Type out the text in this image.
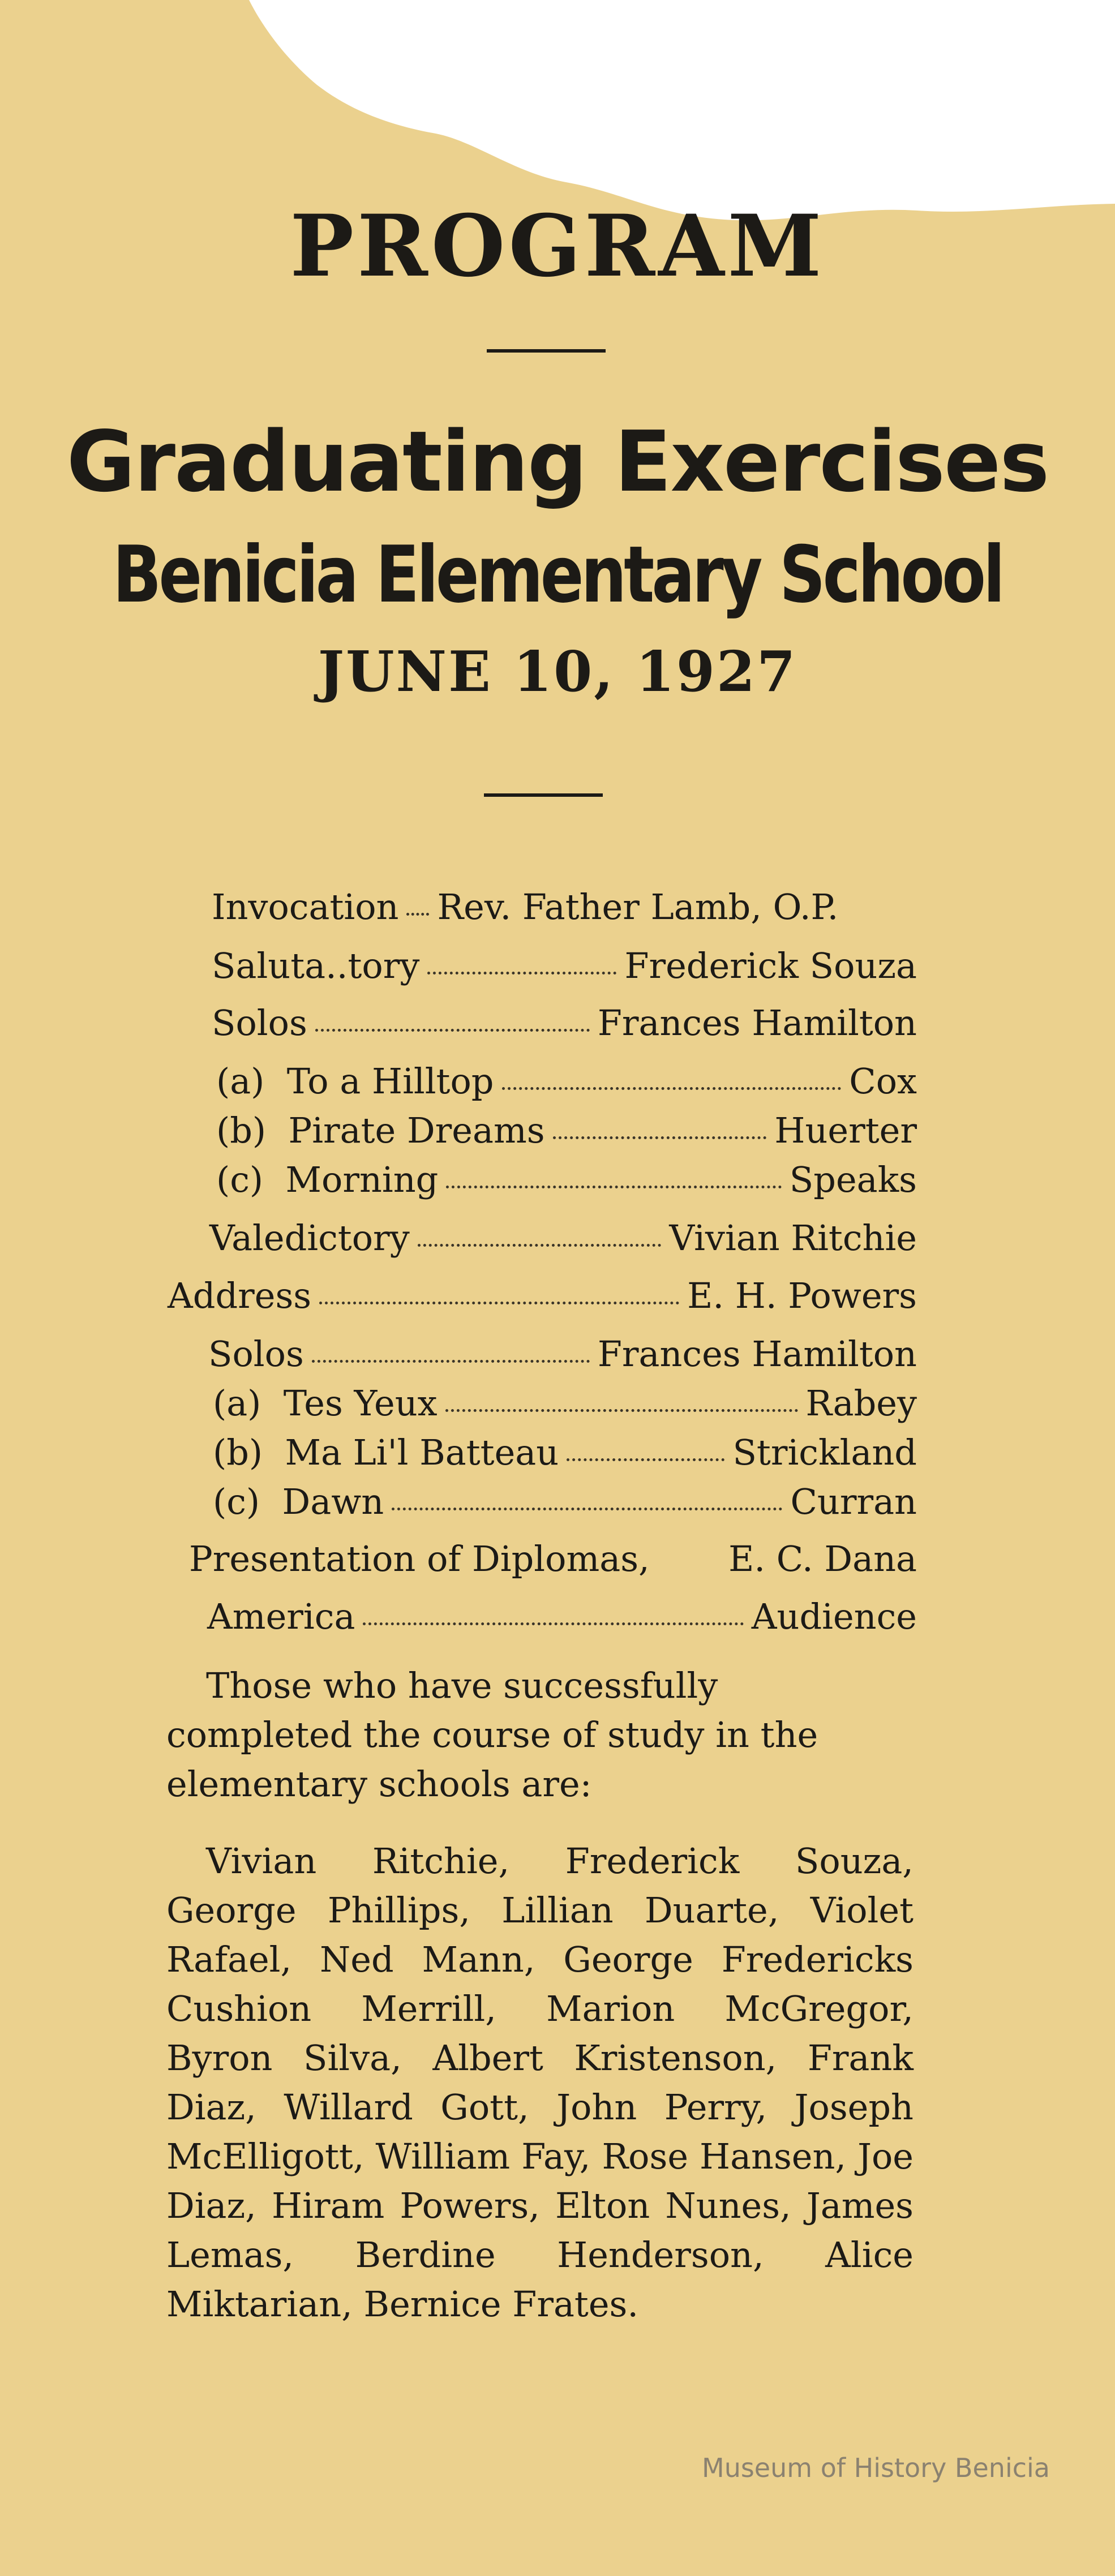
PROGRAM
Graduating Exercises
Benicia Elementary School
JUNE 10, 1927
Invocation Rev. Father Lamb, O.P.
Saluta..tory	Frederick Souza
Solos	Frances Hamilton
(a)  To a Hilltop	Cox
(b)  Pirate Dreams	Huerter
(c)  Morning	Speaks
Valedictory	Vivian Ritchie
Address	E. H. Powers
Solos	Frances Hamilton
(a)  Tes Yeux	Rabey
(b)  Ma Li'l Batteau	Strickland
(c)  Dawn	Curran
Presentation of Diplomas, E. C. Dana
America	Audience

Those who have successfully completed the course of study in the elementary schools are:

Vivian Ritchie, Frederick Souza, George Phillips, Lillian Duarte, Violet Rafael, Ned Mann, George Fredericks Cushion Merrill, Marion McGregor, Byron Silva, Albert Kristenson, Frank Diaz, Willard Gott, John Perry, Joseph McElligott, William Fay, Rose Hansen, Joe Diaz, Hiram Powers, Elton Nunes, James Lemas, Berdine Henderson, Alice Miktarian, Bernice Frates.

Museum of History Benicia
